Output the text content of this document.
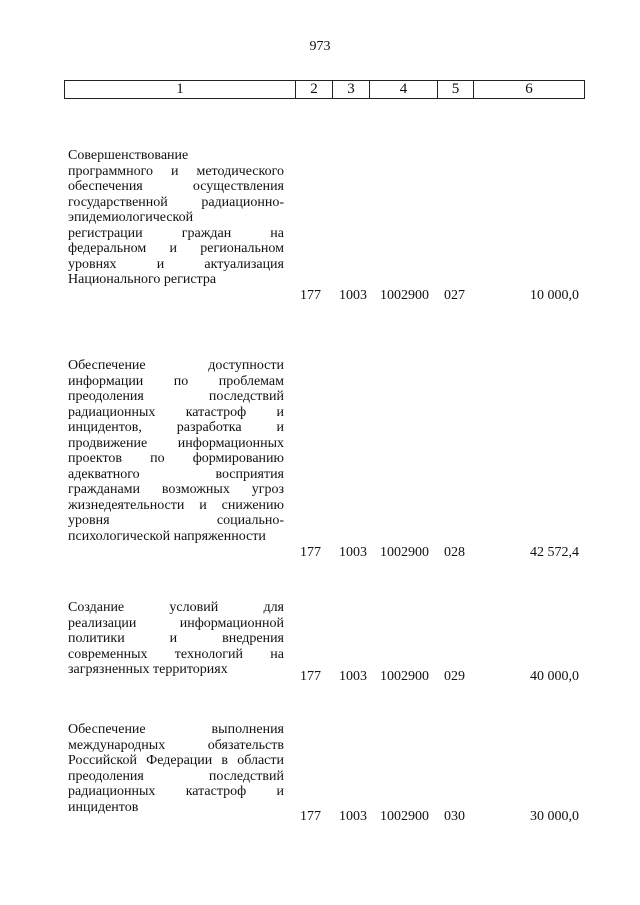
973
1	2	3	4	5	6
Совершенствование
программного и методического
обеспечения осуществления
государственной радиационно-
эпидемиологической
регистрации граждан на
федеральном и региональном
уровнях и актуализация
Национального регистра
177 1003 1002900 027	10 000,0
Обеспечение доступности
информации по проблемам
преодоления последствий
радиационных катастроф и
инцидентов, разработка и
продвижение информационных
проектов по формированию
адекватного восприятия
гражданами возможных угроз
жизнедеятельности и снижению
уровня социально-
психологической напряженности
177 1003 1002900 028	42 572,4
Создание условий для
реализации информационной
политики и внедрения
современных технологий на
загрязненных территориях	177 1003 1002900 029	40 000,0
Обеспечение выполнения
международных обязательств
Российской Федерации в области
преодоления последствий
радиационных катастроф и
инцидентов
177 1003 1002900 030	30 000,0
